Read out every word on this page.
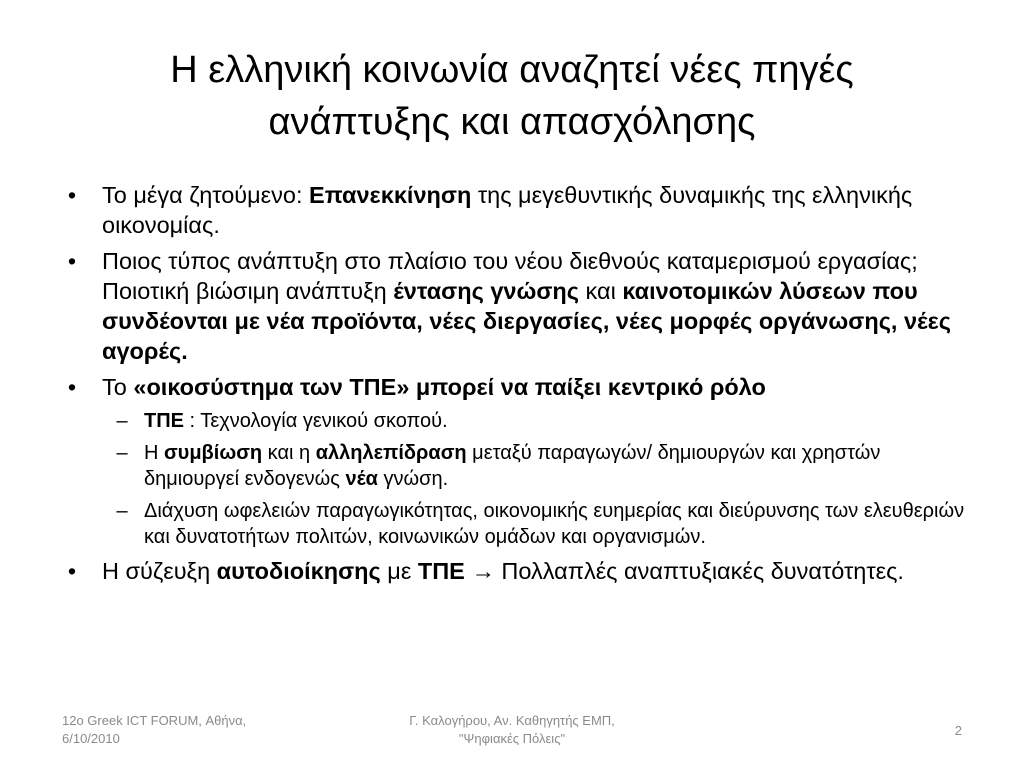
Η ελληνική κοινωνία αναζητεί νέες πηγές
ανάπτυξης και απασχόλησης
• Το μέγα ζητούμενο: Επανεκκίνηση της μεγεθυντικής δυναμικής της ελληνικής οικονομίας.
• Ποιος τύπος ανάπτυξη στο πλαίσιο του νέου διεθνούς καταμερισμού εργασίας; Ποιοτική βιώσιμη ανάπτυξη έντασης γνώσης και καινοτομικών λύσεων που συνδέονται με νέα προϊόντα, νέες διεργασίες, νέες μορφές οργάνωσης, νέες αγορές.
• Το «οικοσύστημα των ΤΠΕ» μπορεί να παίξει κεντρικό ρόλο
– ΤΠΕ : Τεχνολογία γενικού σκοπού.
– Η συμβίωση και η αλληλεπίδραση μεταξύ παραγωγών/ δημιουργών και χρηστών δημιουργεί ενδογενώς νέα γνώση.
– Διάχυση ωφελειών παραγωγικότητας, οικονομικής ευημερίας και διεύρυνσης των ελευθεριών και δυνατοτήτων πολιτών, κοινωνικών ομάδων και οργανισμών.
• Η σύζευξη αυτοδιοίκησης με ΤΠΕ → Πολλαπλές αναπτυξιακές δυνατότητες.
12ο Greek ICT FORUM, Αθήνα,
6/10/2010
Γ. Καλογήρου, Αν. Καθηγητής ΕΜΠ,
"Ψηφιακές Πόλεις"
2
